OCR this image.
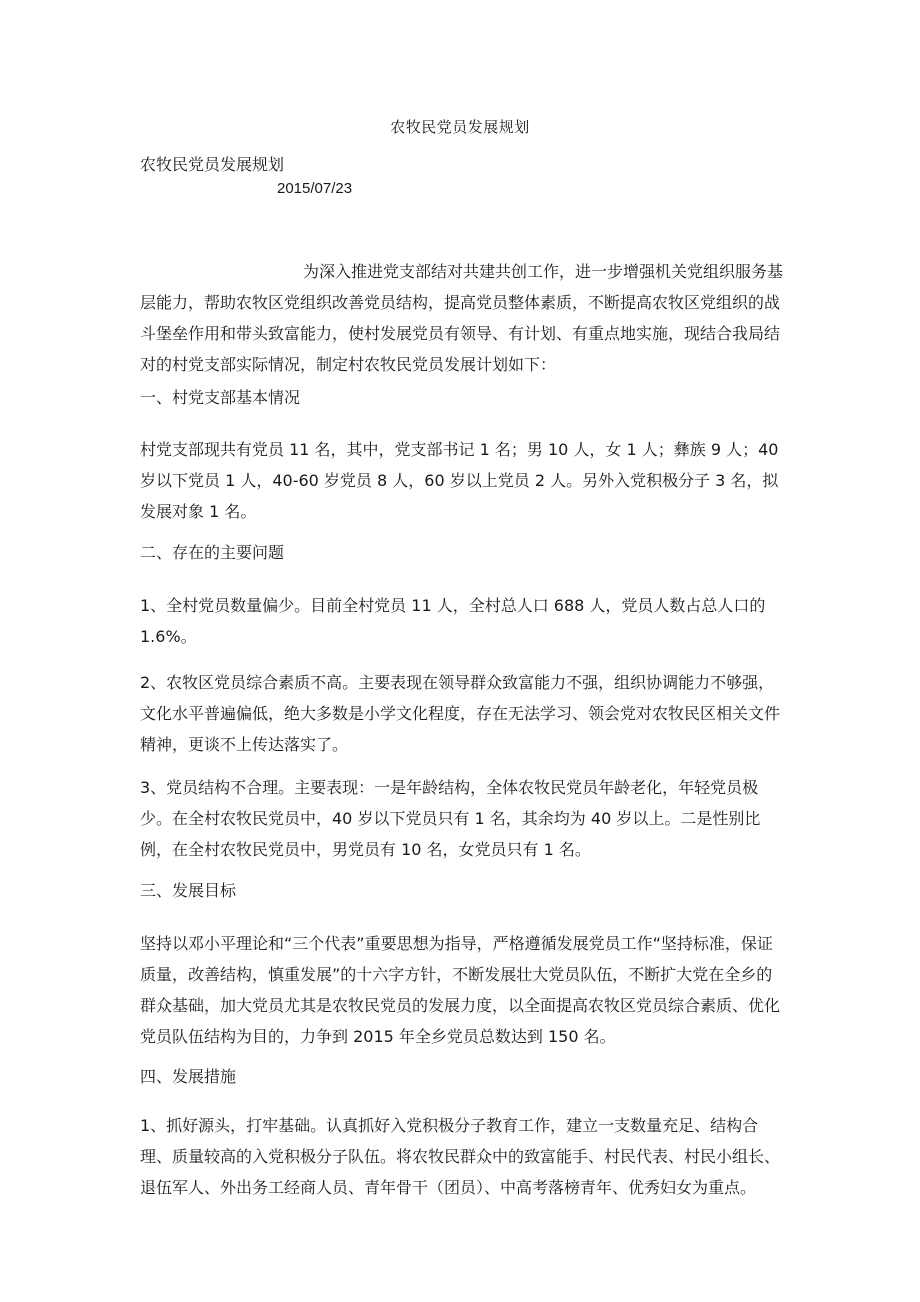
农牧民党员发展规划
农牧民党员发展规划
2015/07/23

为深入推进党支部结对共建共创工作，进一步增强机关党组织服务基层能力，帮助农牧区党组织改善党员结构，提高党员整体素质，不断提高农牧区党组织的战斗堡垒作用和带头致富能力，使村发展党员有领导、有计划、有重点地实施，现结合我局结对的村党支部实际情况，制定村农牧民党员发展计划如下：

一、村党支部基本情况

村党支部现共有党员 11 名，其中，党支部书记 1 名；男 10 人，女 1 人；彝族 9 人；40 岁以下党员 1 人，40-60 岁党员 8 人，60 岁以上党员 2 人。另外入党积极分子 3 名，拟发展对象 1 名。

二、存在的主要问题

1、全村党员数量偏少。目前全村党员 11 人，全村总人口 688 人，党员人数占总人口的 1.6%。

2、农牧区党员综合素质不高。主要表现在领导群众致富能力不强，组织协调能力不够强，文化水平普遍偏低，绝大多数是小学文化程度，存在无法学习、领会党对农牧民区相关文件精神，更谈不上传达落实了。

3、党员结构不合理。主要表现：一是年龄结构，全体农牧民党员年龄老化，年轻党员极少。在全村农牧民党员中，40 岁以下党员只有 1 名，其余均为 40 岁以上。二是性别比例，在全村农牧民党员中，男党员有 10 名，女党员只有 1 名。

三、发展目标

坚持以邓小平理论和“三个代表”重要思想为指导，严格遵循发展党员工作“坚持标准，保证质量，改善结构，慎重发展”的十六字方针，不断发展壮大党员队伍，不断扩大党在全乡的群众基础，加大党员尤其是农牧民党员的发展力度，以全面提高农牧区党员综合素质、优化党员队伍结构为目的，力争到 2015 年全乡党员总数达到 150 名。

四、发展措施

1、抓好源头，打牢基础。认真抓好入党积极分子教育工作，建立一支数量充足、结构合理、质量较高的入党积极分子队伍。将农牧民群众中的致富能手、村民代表、村民小组长、退伍军人、外出务工经商人员、青年骨干（团员）、中高考落榜青年、优秀妇女为重点。
